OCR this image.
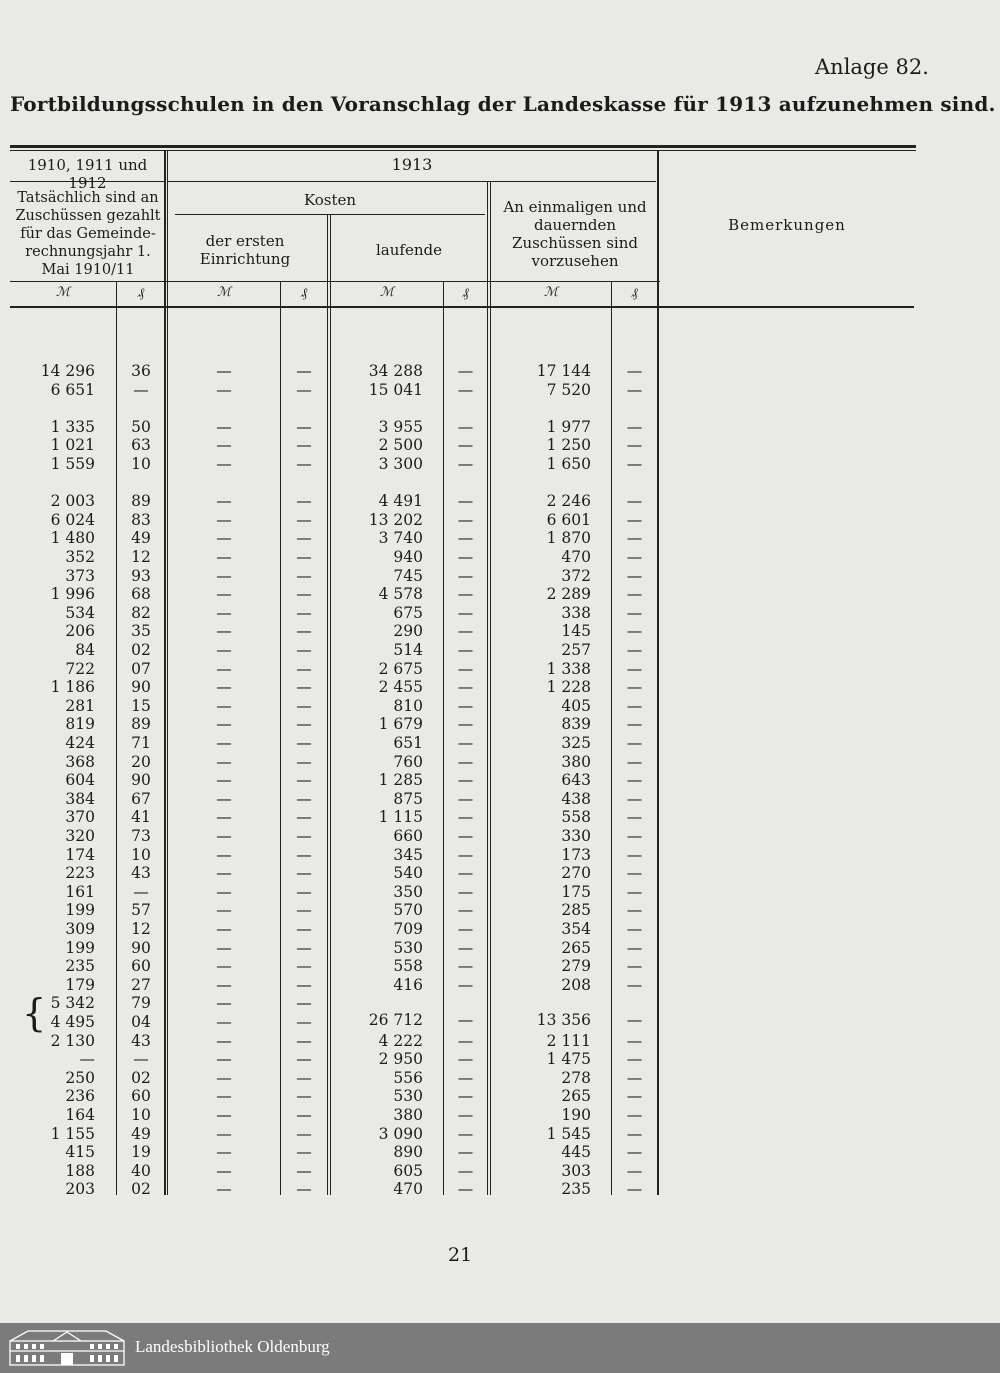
Anlage 82.
Fortbildungsschulen in den Voranschlag der Landeskasse für 1913 aufzunehmen sind.
1910, 1911 und 1912
1913
Tatsächlich sind an Zuschüssen gezahlt für das Gemeinde-rechnungsjahr 1. Mai 1910/11
Kosten
der ersten Einrichtung	laufende
An einmaligen und dauernden Zuschüssen sind vorzusehen
Bemerkungen
ℳ	₰	ℳ	₰	ℳ	₰	ℳ	₰
14 296	36	—	—	34 288	—	17 144	—
6 651	—	—	—	15 041	—	7 520	—
1 335	50	—	—	3 955	—	1 977	—
1 021	63	—	—	2 500	—	1 250	—
1 559	10	—	—	3 300	—	1 650	—
2 003	89	—	—	4 491	—	2 246	—
6 024	83	—	—	13 202	—	6 601	—
1 480	49	—	—	3 740	—	1 870	—
352	12	—	—	940	—	470	—
373	93	—	—	745	—	372	—
1 996	68	—	—	4 578	—	2 289	—
534	82	—	—	675	—	338	—
206	35	—	—	290	—	145	—
84	02	—	—	514	—	257	—
722	07	—	—	2 675	—	1 338	—
1 186	90	—	—	2 455	—	1 228	—
281	15	—	—	810	—	405	—
819	89	—	—	1 679	—	839	—
424	71	—	—	651	—	325	—
368	20	—	—	760	—	380	—
604	90	—	—	1 285	—	643	—
384	67	—	—	875	—	438	—
370	41	—	—	1 115	—	558	—
320	73	—	—	660	—	330	—
174	10	—	—	345	—	173	—
223	43	—	—	540	—	270	—
161	—	—	—	350	—	175	—
199	57	—	—	570	—	285	—
309	12	—	—	709	—	354	—
199	90	—	—	530	—	265	—
235	60	—	—	558	—	279	—
179	27	—	—	416	—	208	—
5 342	79	—	—
4 495	04	—	—	26 712	—	13 356	—
2 130	43	—	—	4 222	—	2 111	—
—	—	—	—	2 950	—	1 475	—
250	02	—	—	556	—	278	—
236	60	—	—	530	—	265	—
164	10	—	—	380	—	190	—
1 155	49	—	—	3 090	—	1 545	—
415	19	—	—	890	—	445	—
188	40	—	—	605	—	303	—
203	02	—	—	470	—	235	—
{
21
Landesbibliothek Oldenburg
